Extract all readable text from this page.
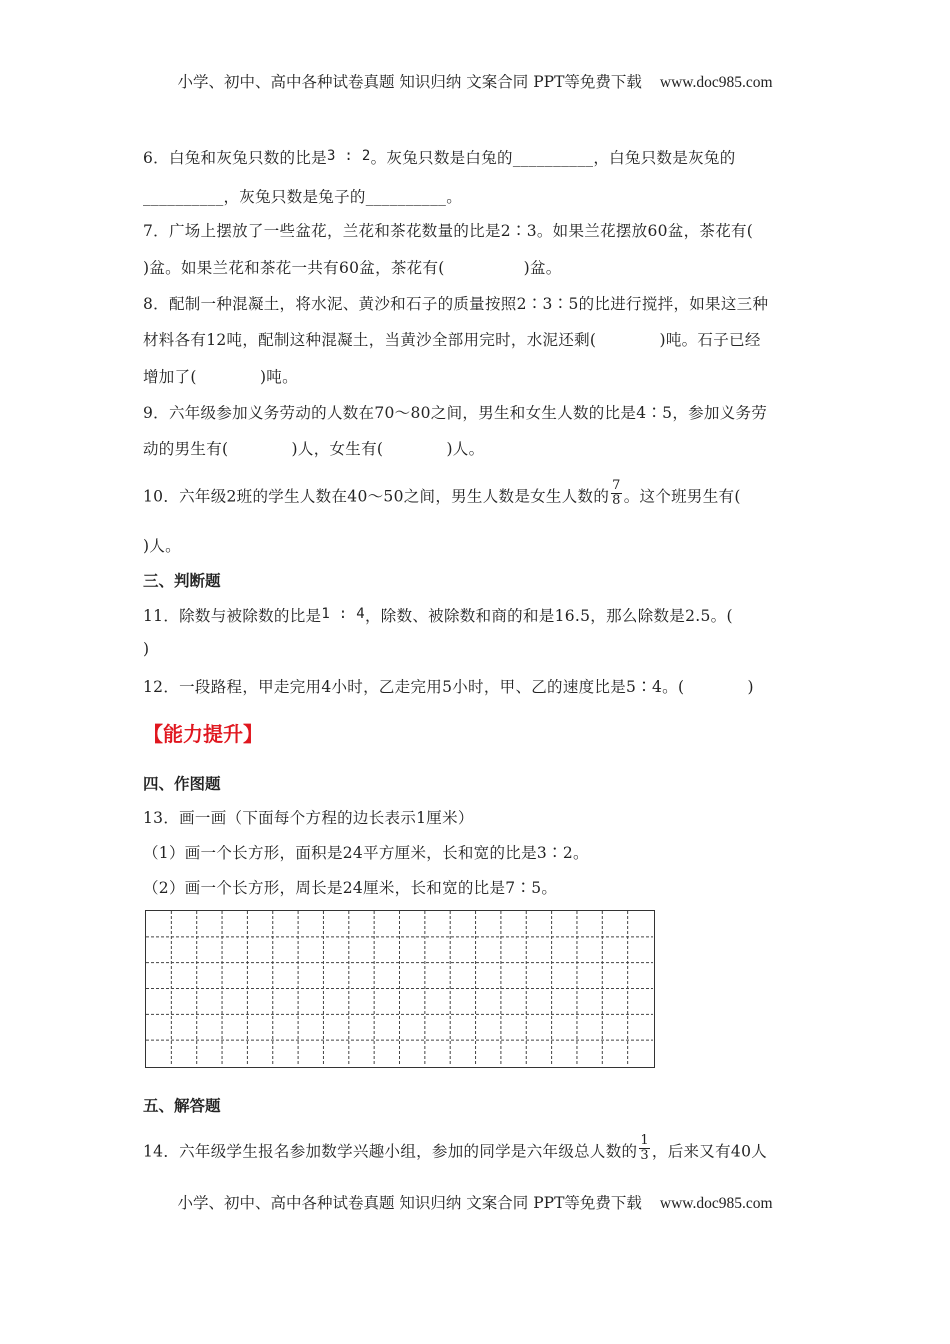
小学、初中、高中各种试卷真题 知识归纳 文案合同 PPT等免费下载 www.doc985.com
6．白兔和灰兔只数的比是3 : 2。灰兔只数是白兔的__________，白兔只数是灰兔的
__________，灰兔只数是兔子的__________。
7．广场上摆放了一些盆花，兰花和茶花数量的比是2∶3。如果兰花摆放60盆，茶花有(
)盆。如果兰花和茶花一共有60盆，茶花有(　　　　　)盆。
8．配制一种混凝土，将水泥、黄沙和石子的质量按照2∶3∶5的比进行搅拌，如果这三种
材料各有12吨，配制这种混凝土，当黄沙全部用完时，水泥还剩(　　　　)吨。石子已经
增加了(　　　　)吨。
9．六年级参加义务劳动的人数在70～80之间，男生和女生人数的比是4∶5，参加义务劳
动的男生有(　　　　)人，女生有(　　　　)人。
10．六年级2班的学生人数在40～50之间，男生人数是女生人数的 $\frac{7}{8}$ 。这个班男生有(
)人。
三、判断题
11．除数与被除数的比是1 : 4，除数、被除数和商的和是16.5，那么除数是2.5。(
)
12．一段路程，甲走完用4小时，乙走完用5小时，甲、乙的速度比是5∶4。(　　　　)
【能力提升】
四、作图题
13．画一画（下面每个方程的边长表示1厘米）
（1）画一个长方形，面积是24平方厘米，长和宽的比是3∶2。
（2）画一个长方形，周长是24厘米，长和宽的比是7∶5。
五、解答题
14．六年级学生报名参加数学兴趣小组，参加的同学是六年级总人数的 $\frac{1}{3}$ ，后来又有40人
小学、初中、高中各种试卷真题 知识归纳 文案合同 PPT等免费下载 www.doc985.com
